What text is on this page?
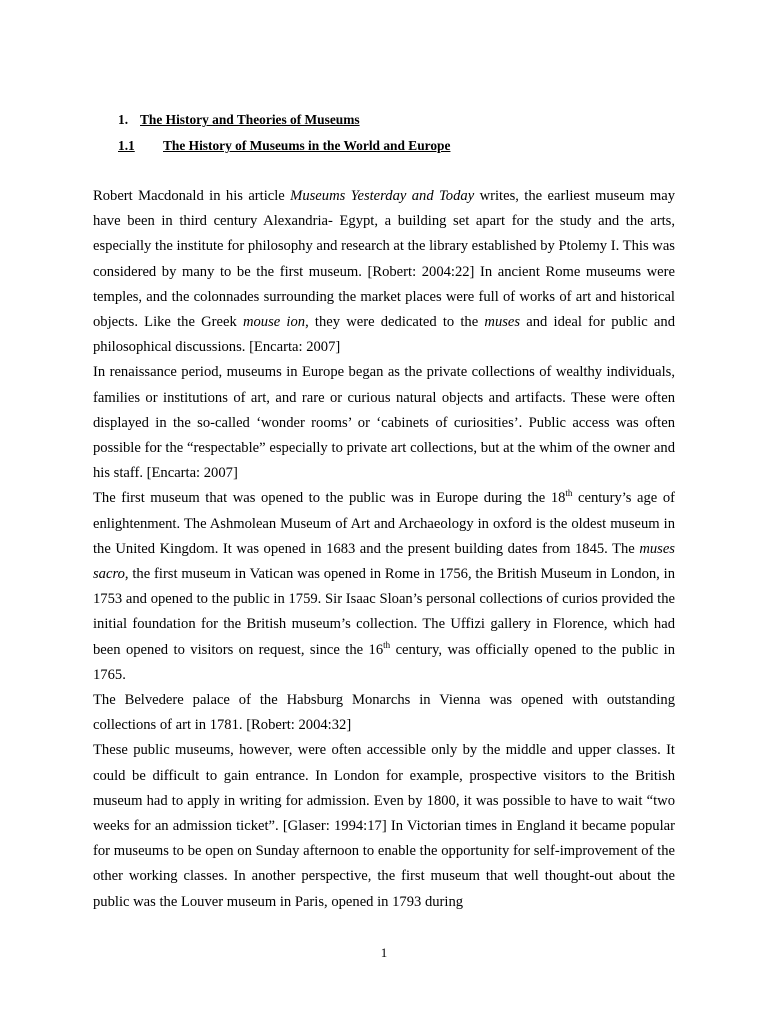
1. The History and Theories of Museums
1.1 The History of Museums in the World and Europe

Robert Macdonald in his article Museums Yesterday and Today writes, the earliest museum may have been in third century Alexandria- Egypt, a building set apart for the study and the arts, especially the institute for philosophy and research at the library established by Ptolemy I. This was considered by many to be the first museum. [Robert: 2004:22] In ancient Rome museums were temples, and the colonnades surrounding the market places were full of works of art and historical objects. Like the Greek mouse ion, they were dedicated to the muses and ideal for public and philosophical discussions. [Encarta: 2007]

In renaissance period, museums in Europe began as the private collections of wealthy individuals, families or institutions of art, and rare or curious natural objects and artifacts. These were often displayed in the so-called ‘wonder rooms’ or ‘cabinets of curiosities’. Public access was often possible for the “respectable” especially to private art collections, but at the whim of the owner and his staff. [Encarta: 2007]

The first museum that was opened to the public was in Europe during the 18th century’s age of enlightenment. The Ashmolean Museum of Art and Archaeology in oxford is the oldest museum in the United Kingdom. It was opened in 1683 and the present building dates from 1845. The muses sacro, the first museum in Vatican was opened in Rome in 1756, the British Museum in London, in 1753 and opened to the public in 1759. Sir Isaac Sloan’s personal collections of curios provided the initial foundation for the British museum’s collection. The Uffizi gallery in Florence, which had been opened to visitors on request, since the 16th century, was officially opened to the public in 1765.

The Belvedere palace of the Habsburg Monarchs in Vienna was opened with outstanding collections of art in 1781. [Robert: 2004:32]

These public museums, however, were often accessible only by the middle and upper classes. It could be difficult to gain entrance. In London for example, prospective visitors to the British museum had to apply in writing for admission. Even by 1800, it was possible to have to wait “two weeks for an admission ticket”. [Glaser: 1994:17] In Victorian times in England it became popular for museums to be open on Sunday afternoon to enable the opportunity for self-improvement of the other working classes. In another perspective, the first museum that well thought-out about the public was the Louver museum in Paris, opened in 1793 during

1
